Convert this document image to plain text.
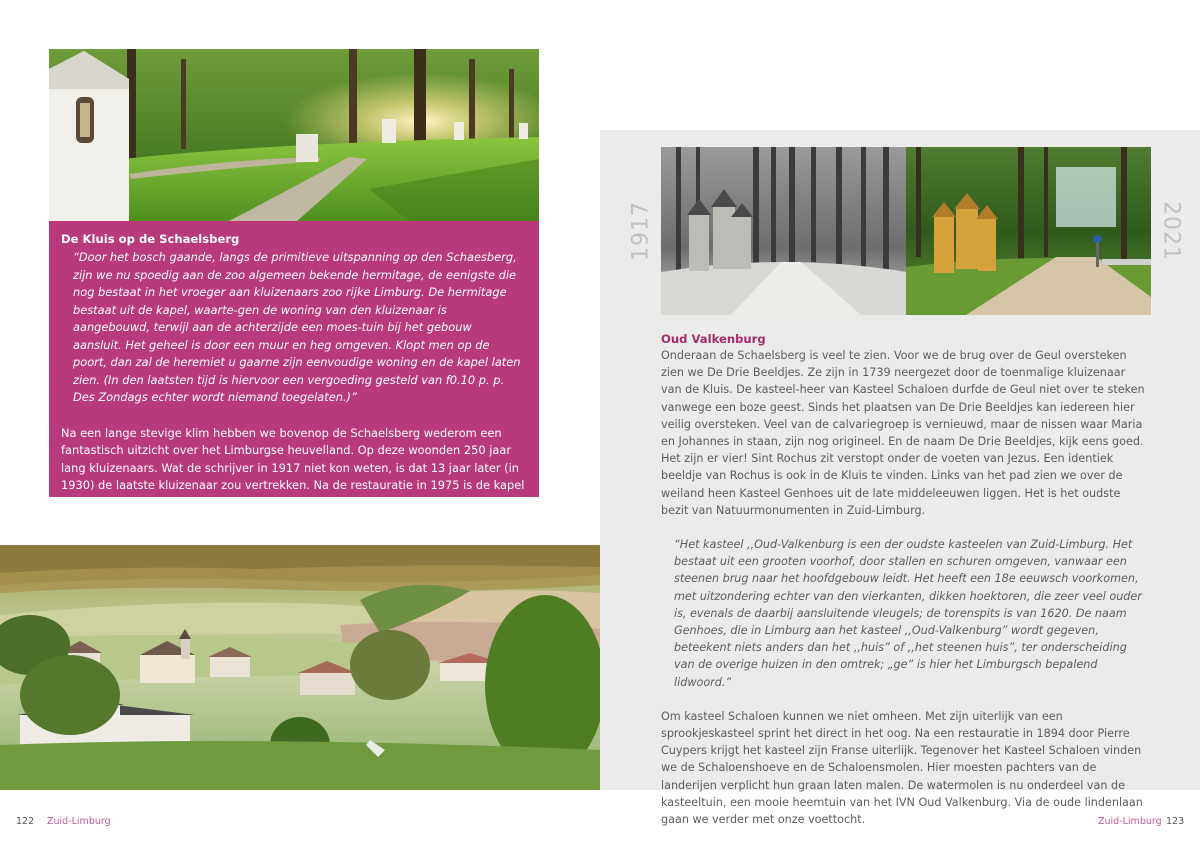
De Kluis op de Schaelsberg

“Door het bosch gaande, langs de primitieve uitspanning op den Schaesberg, zijn we nu spoedig aan de zoo algemeen bekende hermitage, de eenigste die nog bestaat in het vroeger aan kluizenaars zoo rijke Limburg. De hermitage bestaat uit de kapel, waarte-gen de woning van den kluizenaar is aangebouwd, terwijl aan de achterzijde een moes-tuin bij het gebouw aansluit. Het geheel is door een muur en heg omgeven. Klopt men op de poort, dan zal de heremiet u gaarne zijn eenvoudige woning en de kapel laten zien. (In den laatsten tijd is hiervoor een vergoeding gesteld van f0.10 p. p. Des Zondags echter wordt niemand toegelaten.)”

Na een lange stevige klim hebben we bovenop de Schaelsberg wederom een fantastisch uitzicht over het Limburgse heuvelland. Op deze woonden 250 jaar lang kluizenaars. Wat de schrijver in 1917 niet kon weten, is dat 13 jaar later (in 1930) de laatste kluizenaar zou vertrekken. Na de restauratie in 1975 is de kapel opengesteld. Rond de Kluis vind je een kruisweg van 14 staties.

1917	2021
Oud Valkenburg

Onderaan de Schaelsberg is veel te zien. Voor we de brug over de Geul oversteken zien we De Drie Beeldjes. Ze zijn in 1739 neergezet door de toenmalige kluizenaar van de Kluis. De kasteel-heer van Kasteel Schaloen durfde de Geul niet over te steken vanwege een boze geest. Sinds het plaatsen van De Drie Beeldjes kan iedereen hier veilig oversteken. Veel van de calvariegroep is vernieuwd, maar de nissen waar Maria en Johannes in staan, zijn nog origineel. En de naam De Drie Beeldjes, kijk eens goed. Het zijn er vier! Sint Rochus zit verstopt onder de voeten van Jezus. Een identiek beeldje van Rochus is ook in de Kluis te vinden. Links van het pad zien we over de weiland heen Kasteel Genhoes uit de late middeleeuwen liggen. Het is het oudste bezit van Natuurmonumenten in Zuid-Limburg.

“Het kasteel ,,Oud-Valkenburg is een der oudste kasteelen van Zuid-Limburg. Het bestaat uit een grooten voorhof, door stallen en schuren omgeven, vanwaar een steenen brug naar het hoofdgebouw leidt. Het heeft een 18e eeuwsch voorkomen, met uitzondering echter van den vierkanten, dikken hoektoren, die zeer veel ouder is, evenals de daarbij aansluitende vleugels; de torenspits is van 1620. De naam Genhoes, die in Limburg aan het kasteel ,,Oud-Valkenburg” wordt gegeven, beteekent niets anders dan het ,,huis” of ,,het steenen huis”, ter onderscheiding van de overige huizen in den omtrek; „ge” is hier het Limburgsch bepalend lidwoord.”

Om kasteel Schaloen kunnen we niet omheen. Met zijn uiterlijk van een sprookjeskasteel sprint het direct in het oog. Na een restauratie in 1894 door Pierre Cuypers krijgt het kasteel zijn Franse uiterlijk. Tegenover het Kasteel Schaloen vinden we de Schaloenshoeve en de Schaloensmolen. Hier moesten pachters van de landerijen verplicht hun graan laten malen. De watermolen is nu onderdeel van de kasteeltuin, een mooie heemtuin van het IVN Oud Valkenburg. Via de oude lindenlaan gaan we verder met onze voettocht.

122 Zuid-Limburg	Zuid-Limburg 123
